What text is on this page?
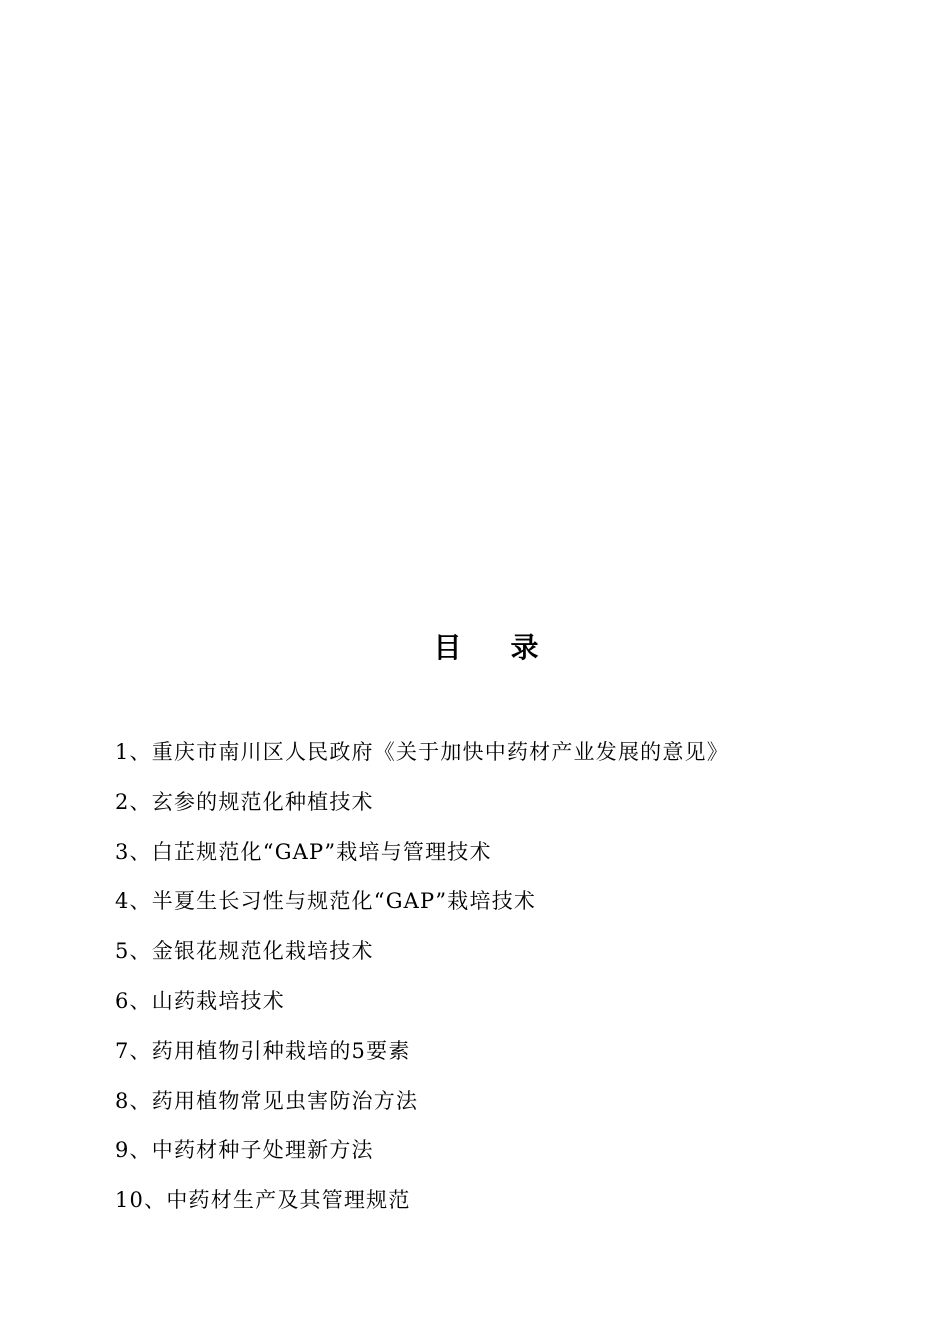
目    录
1、重庆市南川区人民政府《关于加快中药材产业发展的意见》
2、玄参的规范化种植技术
3、白芷规范化“GAP”栽培与管理技术
4、半夏生长习性与规范化“GAP”栽培技术
5、金银花规范化栽培技术
6、山药栽培技术
7、药用植物引种栽培的5要素
8、药用植物常见虫害防治方法
9、中药材种子处理新方法
10、中药材生产及其管理规范
